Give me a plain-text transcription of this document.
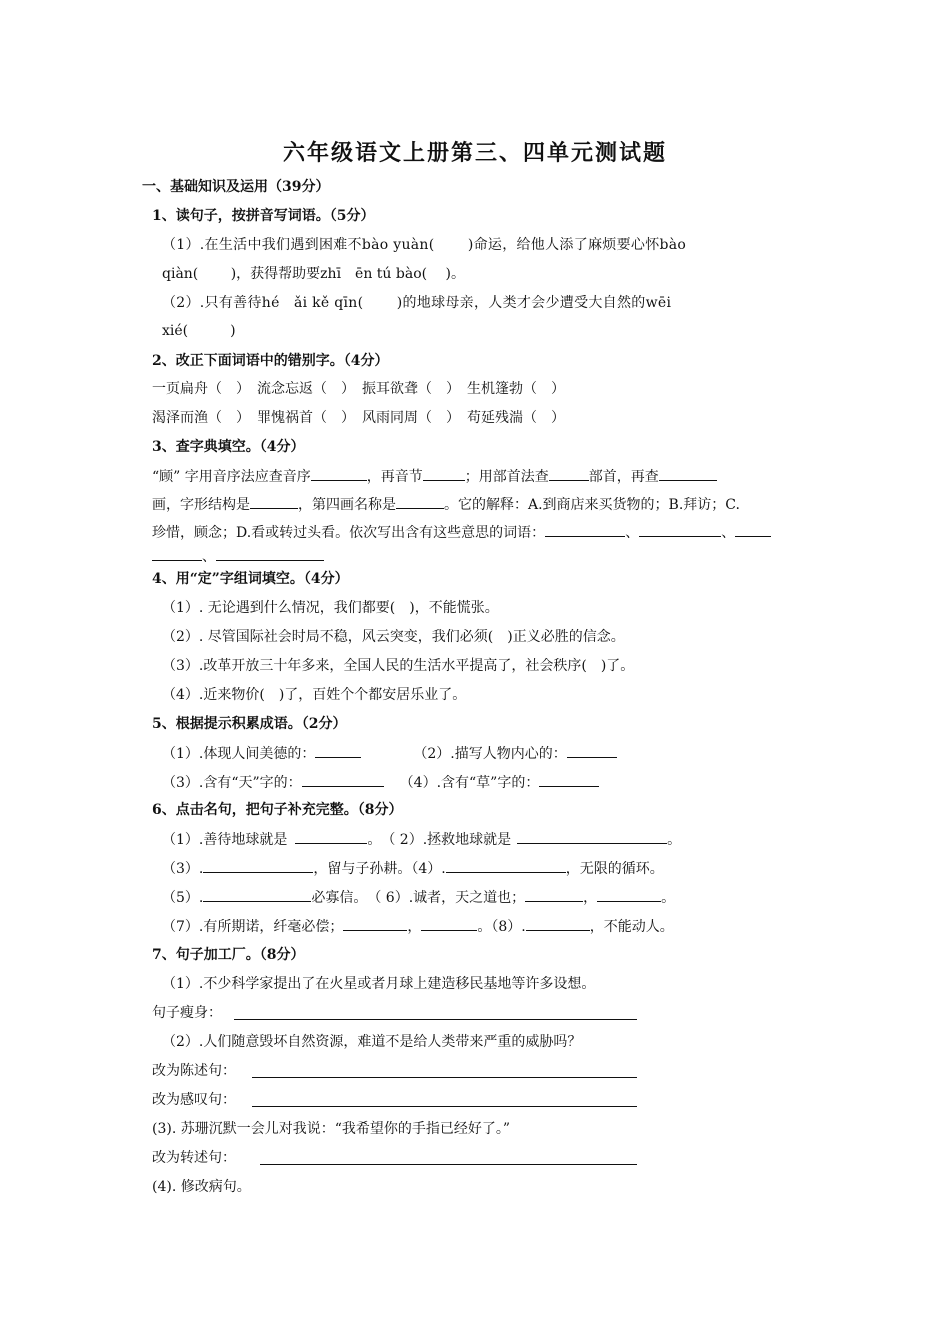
六年级语文上册第三、四单元测试题
一、基础知识及运用（39分）
1、读句子，按拼音写词语。（5分）
（1）.在生活中我们遇到困难不bào yuàn(　　 )命运，给他人添了麻烦要心怀bào
qiàn(　　 )，获得帮助要zhī　ēn tú bào(　 )。
（2）.只有善待hé　ǎi kě qīn(　　 )的地球母亲，人类才会少遭受大自然的wēi
xié(　　　)
2、改正下面词语中的错别字。（4分）
一页扁舟（　）　流念忘返（　）　振耳欲聋（　）　生机篷勃（　）
渴泽而渔（　）　罪愧祸首（　）　风雨同周（　）　苟延残湍（　）
3、查字典填空。（4分）
“顾” 字用音序法应查音序	，再音节	；用部首法查	部首，再查
画，字形结构是	，第四画名称是	。它的解释：A.到商店来买货物的；B.拜访；C.
珍惜，顾念；D.看或转过头看。依次写出含有这些意思的词语：	、	、
、
4、用“定”字组词填空。（4分）
（1）. 无论遇到什么情况，我们都要(　)，不能慌张。
（2）. 尽管国际社会时局不稳，风云突变，我们必须(　)正义必胜的信念。
（3）.改革开放三十年多来，全国人民的生活水平提高了，社会秩序(　)了。
（4）.近来物价(　)了，百姓个个都安居乐业了。
5、根据提示积累成语。（2分）
（1）.体现人间美德的：	（2）.描写人物内心的：
（3）.含有“天”字的：	（4）.含有“草”字的：
6、点击名句，把句子补充完整。（8分）
（1）.善待地球就是	。　（ 2）.拯救地球就是	。
（3）.	，留与子孙耕。（4）.	，无限的循环。
（5）.	必寡信。　（ 6）.诚者，天之道也；	，	。
（7）.有所期诺，纤毫必偿；	，	。（8）.	，不能动人。
7、句子加工厂。（8分）
（1）.不少科学家提出了在火星或者月球上建造移民基地等许多设想。
句子瘦身：
（2）.人们随意毁坏自然资源，难道不是给人类带来严重的威胁吗？
改为陈述句：
改为感叹句：
(3). 苏珊沉默一会儿对我说：“我希望你的手指已经好了。”
改为转述句：
(4). 修改病句。
